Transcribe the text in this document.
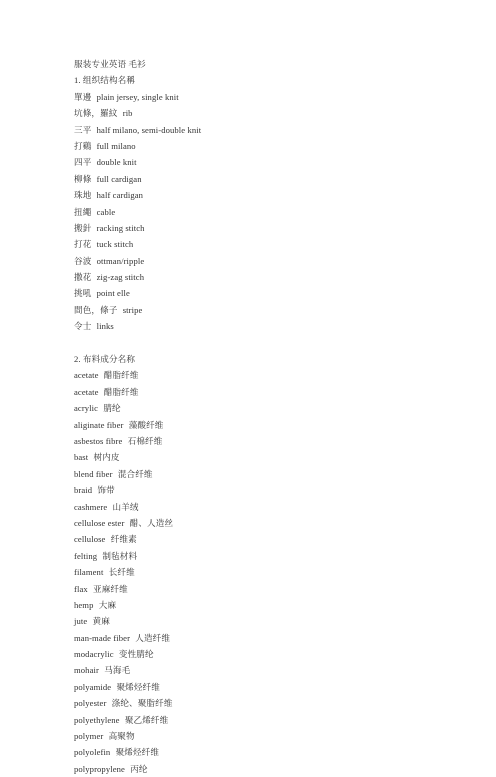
服装专业英语 毛衫
1. 组织结构名稱
單邊 plain jersey, single knit
坑條，羅紋 rib
三平 half milano, semi-double knit
打鷄 full milano
四平 double knit
柳條 full cardigan
珠地 half cardigan
扭繩 cable
搬針 racking stitch
打花 tuck stitch
谷波 ottman/ripple
撒花 zig-zag stitch
挑吼 point elle
間色，條子 stripe
令士 links
2. 布料成分名称
acetate 醋脂纤维
acetate 醋脂纤维
acrylic 腈纶
aliginate fiber 藻酸纤维
asbestos fibre 石棉纤维
bast 树内皮
blend fiber 混合纤维
braid 饰带
cashmere 山羊绒
cellulose ester 醋、人造丝
cellulose 纤维素
felting 制毡材料
filament 长纤维
flax 亚麻纤维
hemp 大麻
jute 黄麻
man-made fiber 人造纤维
modacrylic 变性腈纶
mohair 马海毛
polyamide 聚烯烃纤维
polyester 涤纶、聚脂纤维
polyethylene 聚乙烯纤维
polymer 高聚物
polyolefin 聚烯烃纤维
polypropylene 丙纶
